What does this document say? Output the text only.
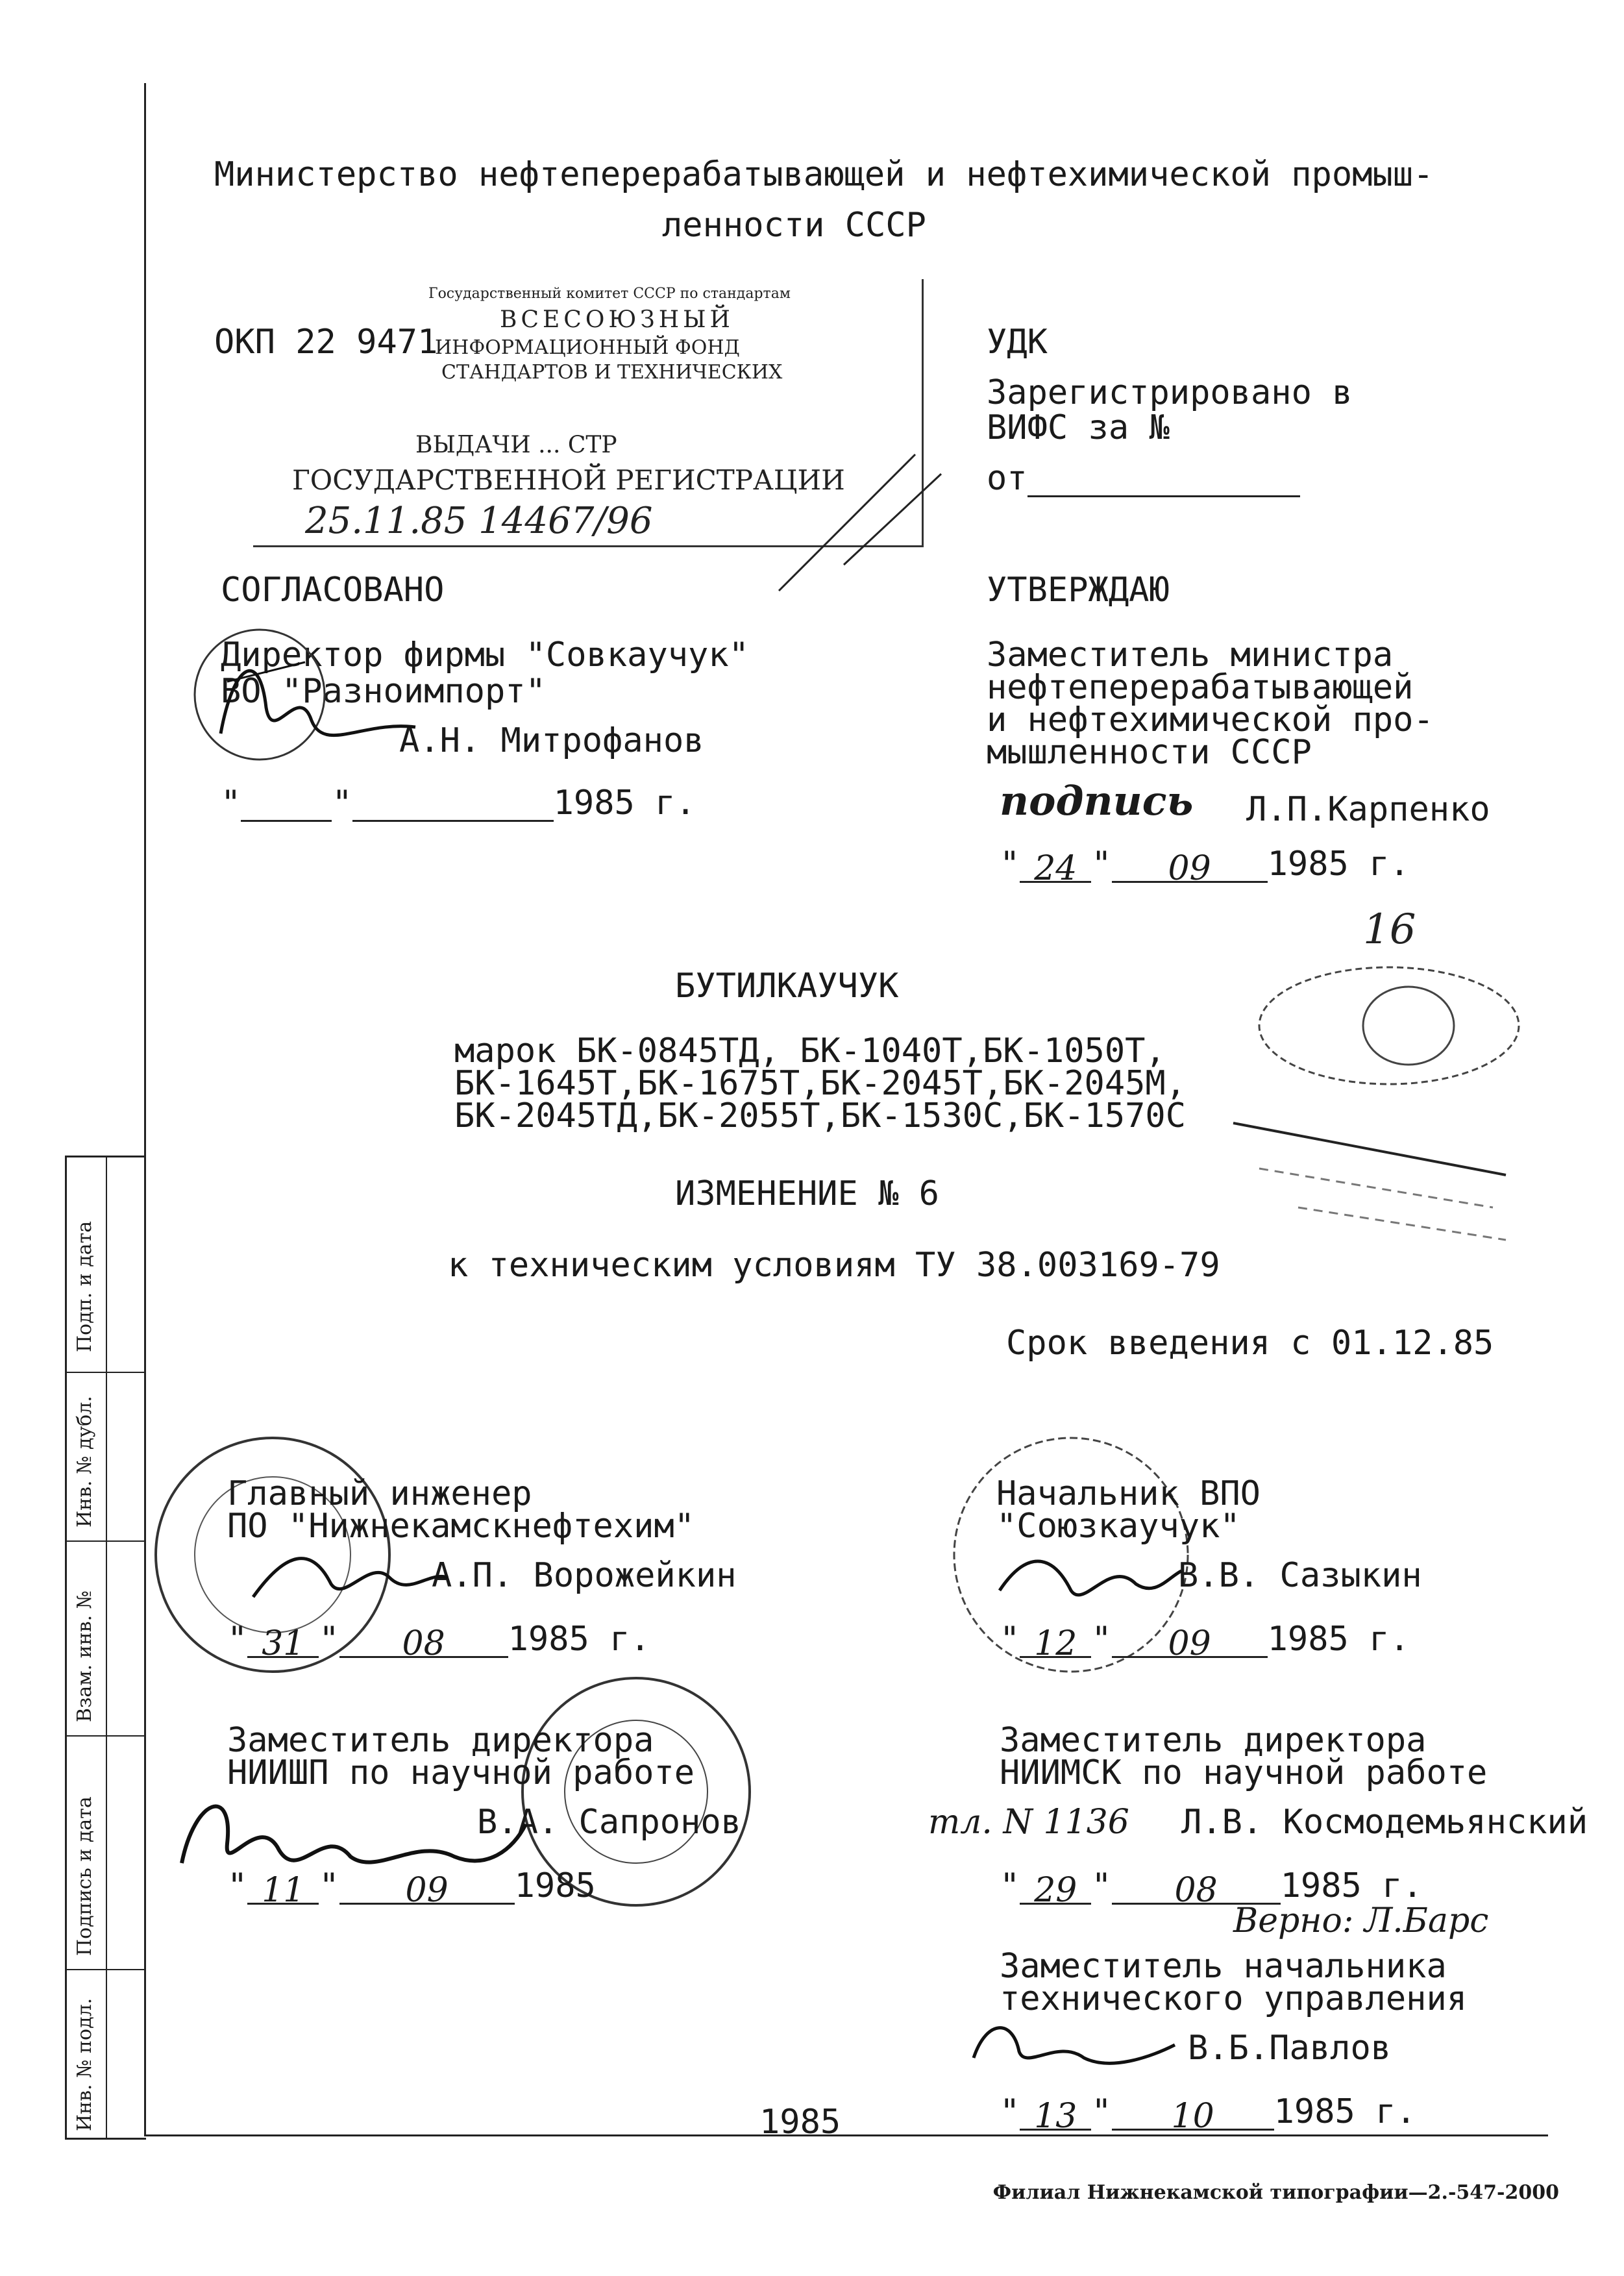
Министерство нефтеперерабатывающей и нефтехимической промыш-
ленности СССР
Государственный комитет СССР по стандартам
ВСЕСОЮЗНЫЙ
ИНФОРМАЦИОННЫЙ ФОНД
СТАНДАРТОВ И ТЕХНИЧЕСКИХ
ВЫДАЧИ ... СТР
ГОСУДАРСТВЕННОЙ РЕГИСТРАЦИИ
25.11.85 14467/96
ОКП 22 9471	УДК
Зарегистрировано в
ВИФС за №
от
СОГЛАСОВАНО
Директор фирмы "Совкаучук"
ВО "Разноимпорт"
А.Н. Митрофанов
"	"	1985 г.
УТВЕРЖДАЮ
Заместитель министра
нефтеперерабатывающей
и нефтехимической про-
мышленности СССР
подпись Л.П.Карпенко
" 24 " 09 1985 г.
16
БУТИЛКАУЧУК
марок БК-0845ТД, БК-1040Т,БК-1050Т,
БК-1645Т,БК-1675Т,БК-2045Т,БК-2045М,
БК-2045ТД,БК-2055Т,БК-1530С,БК-1570С
ИЗМЕНЕНИЕ № 6
к техническим условиям ТУ 38.003169-79
Срок введения с 01.12.85
Главный инженер
ПО "Нижнекамскнефтехим"
А.П. Ворожейкин
" 31 " 08 1985 г.
Начальник ВПО
"Союзкаучук"
В.В. Сазыкин
" 12 " 09 1985 г.
Заместитель директора
НИИШП по научной работе
В.А. Сапронов
" 11 " 09 1985
Заместитель директора
НИИМСК по научной работе
тл. N 1136 Л.В. Космодемьянский
" 29 " 08 1985 г.
Верно: Л.Барс
Заместитель начальника
технического управления
В.Б.Павлов
" 13 " 10 1985 г.
1985
Подп. и дата
Инв. № дубл.
Взам. инв. №
Подпись и дата
Инв. № подл.
Филиал Нижнекамской типографии—2.-547-2000
